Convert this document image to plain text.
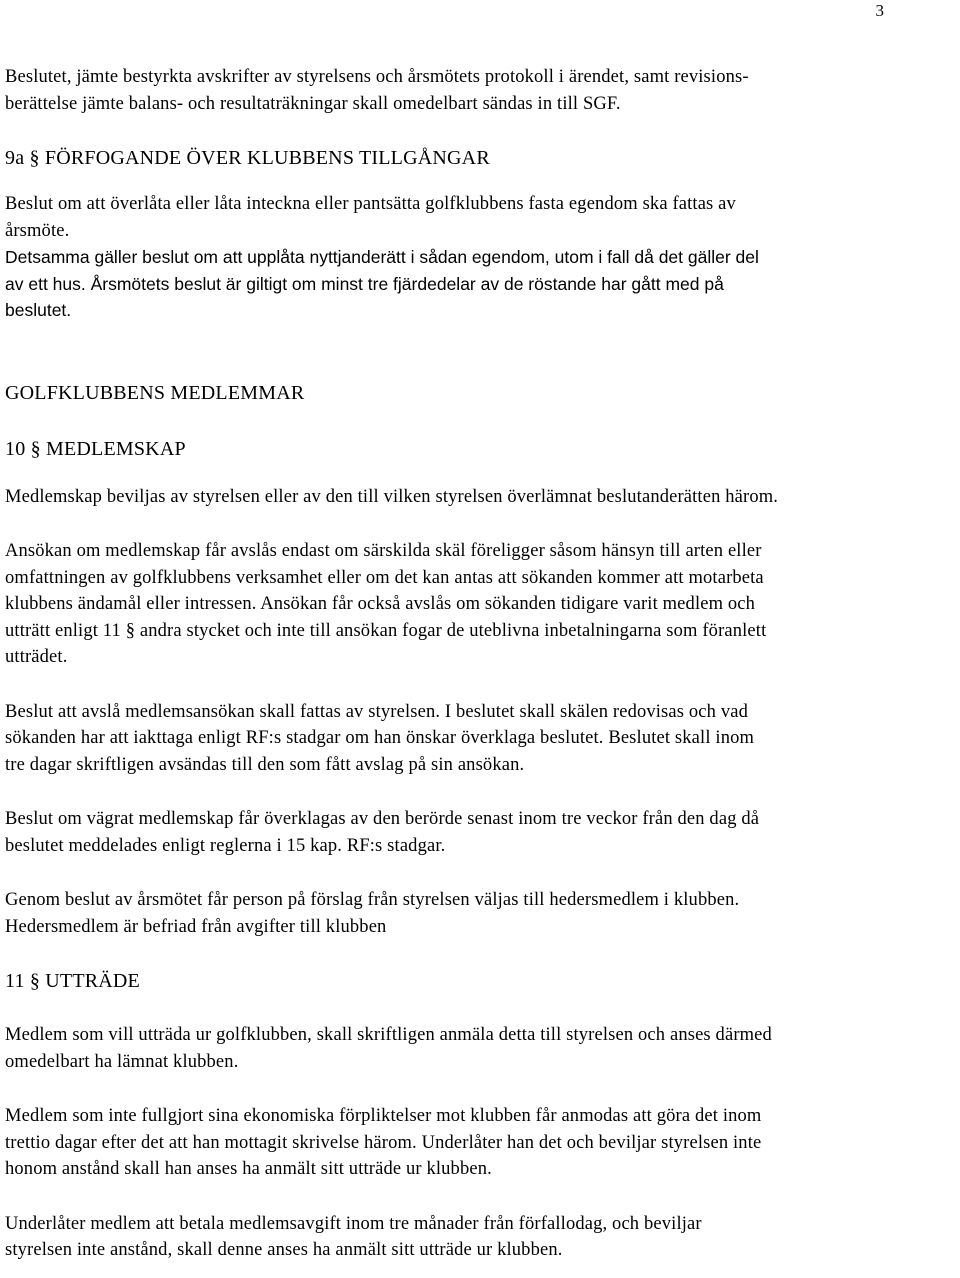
3
Beslutet, jämte bestyrkta avskrifter av styrelsens och årsmötets protokoll i ärendet, samt revisions-
berättelse jämte balans- och resultaträkningar skall omedelbart sändas in till SGF.
9a § FÖRFOGANDE ÖVER KLUBBENS TILLGÅNGAR
Beslut om att överlåta eller låta inteckna eller pantsätta golfklubbens fasta egendom ska fattas av
årsmöte.
Detsamma gäller beslut om att upplåta nyttjanderätt i sådan egendom, utom i fall då det gäller del
av ett hus. Årsmötets beslut är giltigt om minst tre fjärdedelar av de röstande har gått med på
beslutet.
GOLFKLUBBENS MEDLEMMAR
10 § MEDLEMSKAP
Medlemskap beviljas av styrelsen eller av den till vilken styrelsen överlämnat beslutanderätten härom.
Ansökan om medlemskap får avslås endast om särskilda skäl föreligger såsom hänsyn till arten eller
omfattningen av golfklubbens verksamhet eller om det kan antas att sökanden kommer att motarbeta
klubbens ändamål eller intressen. Ansökan får också avslås om sökanden tidigare varit medlem och
utträtt enligt 11 § andra stycket och inte till ansökan fogar de uteblivna inbetalningarna som föranlett
utträdet.
Beslut att avslå medlemsansökan skall fattas av styrelsen. I beslutet skall skälen redovisas och vad
sökanden har att iakttaga enligt RF:s stadgar om han önskar överklaga beslutet. Beslutet skall inom
tre dagar skriftligen avsändas till den som fått avslag på sin ansökan.
Beslut om vägrat medlemskap får överklagas av den berörde senast inom tre veckor från den dag då
beslutet meddelades enligt reglerna i 15 kap. RF:s stadgar.
Genom beslut av årsmötet får person på förslag från styrelsen väljas till hedersmedlem i klubben.
Hedersmedlem är befriad från avgifter till klubben
11 § UTTRÄDE
Medlem som vill utträda ur golfklubben, skall skriftligen anmäla detta till styrelsen och anses därmed
omedelbart ha lämnat klubben.
Medlem som inte fullgjort sina ekonomiska förpliktelser mot klubben får anmodas att göra det inom
trettio dagar efter det att han mottagit skrivelse härom. Underlåter han det och beviljar styrelsen inte
honom anstånd skall han anses ha anmält sitt utträde ur klubben.
Underlåter medlem att betala medlemsavgift inom tre månader från förfallodag, och beviljar
styrelsen inte anstånd, skall denne anses ha anmält sitt utträde ur klubben.
